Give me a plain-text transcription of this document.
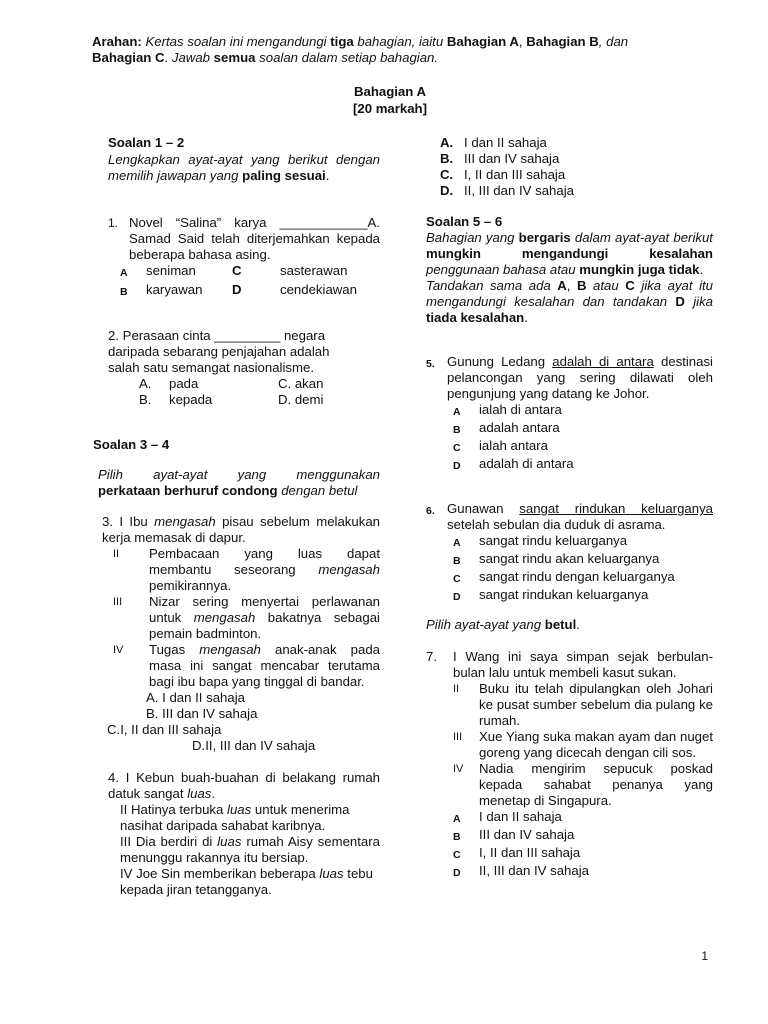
Arahan: Kertas soalan ini mengandungi tiga bahagian, iaitu Bahagian A, Bahagian B, dan
Bahagian C. Jawab semua soalan dalam setiap bahagian.
Bahagian A
[20 markah]
Soalan 1 – 2
Lengkapkan ayat-ayat yang berikut dengan memilih jawapan yang paling sesuai.
1. Novel “Salina” karya ____________A. Samad Said telah diterjemahkan kepada beberapa bahasa asing.
A	seniman	C	sasterawan
B	karyawan	D	cendekiawan
2. Perasaan cinta _________ negara daripada sebarang penjajahan adalah salah satu semangat nasionalisme.
A.	pada	C. akan
B.	kepada	D. demi
Soalan 3 – 4
Pilih ayat-ayat yang menggunakan
perkataan berhuruf condong dengan betul
3. I Ibu mengasah pisau sebelum melakukan kerja memasak di dapur.
II	Pembacaan yang luas dapat membantu seseorang mengasah pemikirannya.
III	Nizar sering menyertai perlawanan untuk mengasah bakatnya sebagai pemain badminton.
IV	Tugas mengasah anak-anak pada masa ini sangat mencabar terutama bagi ibu bapa yang tinggal di bandar.
A. I dan II sahaja
B. III dan IV sahaja
C.I, II dan III sahaja
D.II, III dan IV sahaja
4. I Kebun buah-buahan di belakang rumah datuk sangat luas.
II Hatinya terbuka luas untuk menerima nasihat daripada sahabat karibnya.
III Dia berdiri di luas rumah Aisy sementara menunggu rakannya itu bersiap.
IV Joe Sin memberikan beberapa luas tebu kepada jiran tetangganya.
A. I dan II sahaja
B. III dan IV sahaja
C. I, II dan III sahaja
D. II, III dan IV sahaja
Soalan 5 – 6
Bahagian yang bergaris dalam ayat-ayat berikut mungkin mengandungi kesalahan penggunaan bahasa atau mungkin juga tidak.
Tandakan sama ada A, B atau C jika ayat itu mengandungi kesalahan dan tandakan D jika tiada kesalahan.
5. Gunung Ledang adalah di antara destinasi pelancongan yang sering dilawati oleh pengunjung yang datang ke Johor.
A	ialah di antara
B	adalah antara
C	ialah antara
D	adalah di antara
6. Gunawan sangat rindukan keluarganya setelah sebulan dia duduk di asrama.
A	sangat rindu keluarganya
B	sangat rindu akan keluarganya
C	sangat rindu dengan keluarganya
D	sangat rindukan keluarganya
Pilih ayat-ayat yang betul.
7.	I Wang ini saya simpan sejak berbulan-bulan lalu untuk membeli kasut sukan.
II	Buku itu telah dipulangkan oleh Johari ke pusat sumber sebelum dia pulang ke rumah.
III	Xue Yiang suka makan ayam dan nuget goreng yang dicecah dengan cili sos.
IV	Nadia mengirim sepucuk poskad kepada sahabat penanya yang menetap di Singapura.
A	I dan II sahaja
B	III dan IV sahaja
C	I, II dan III sahaja
D	II, III dan IV sahaja
1
